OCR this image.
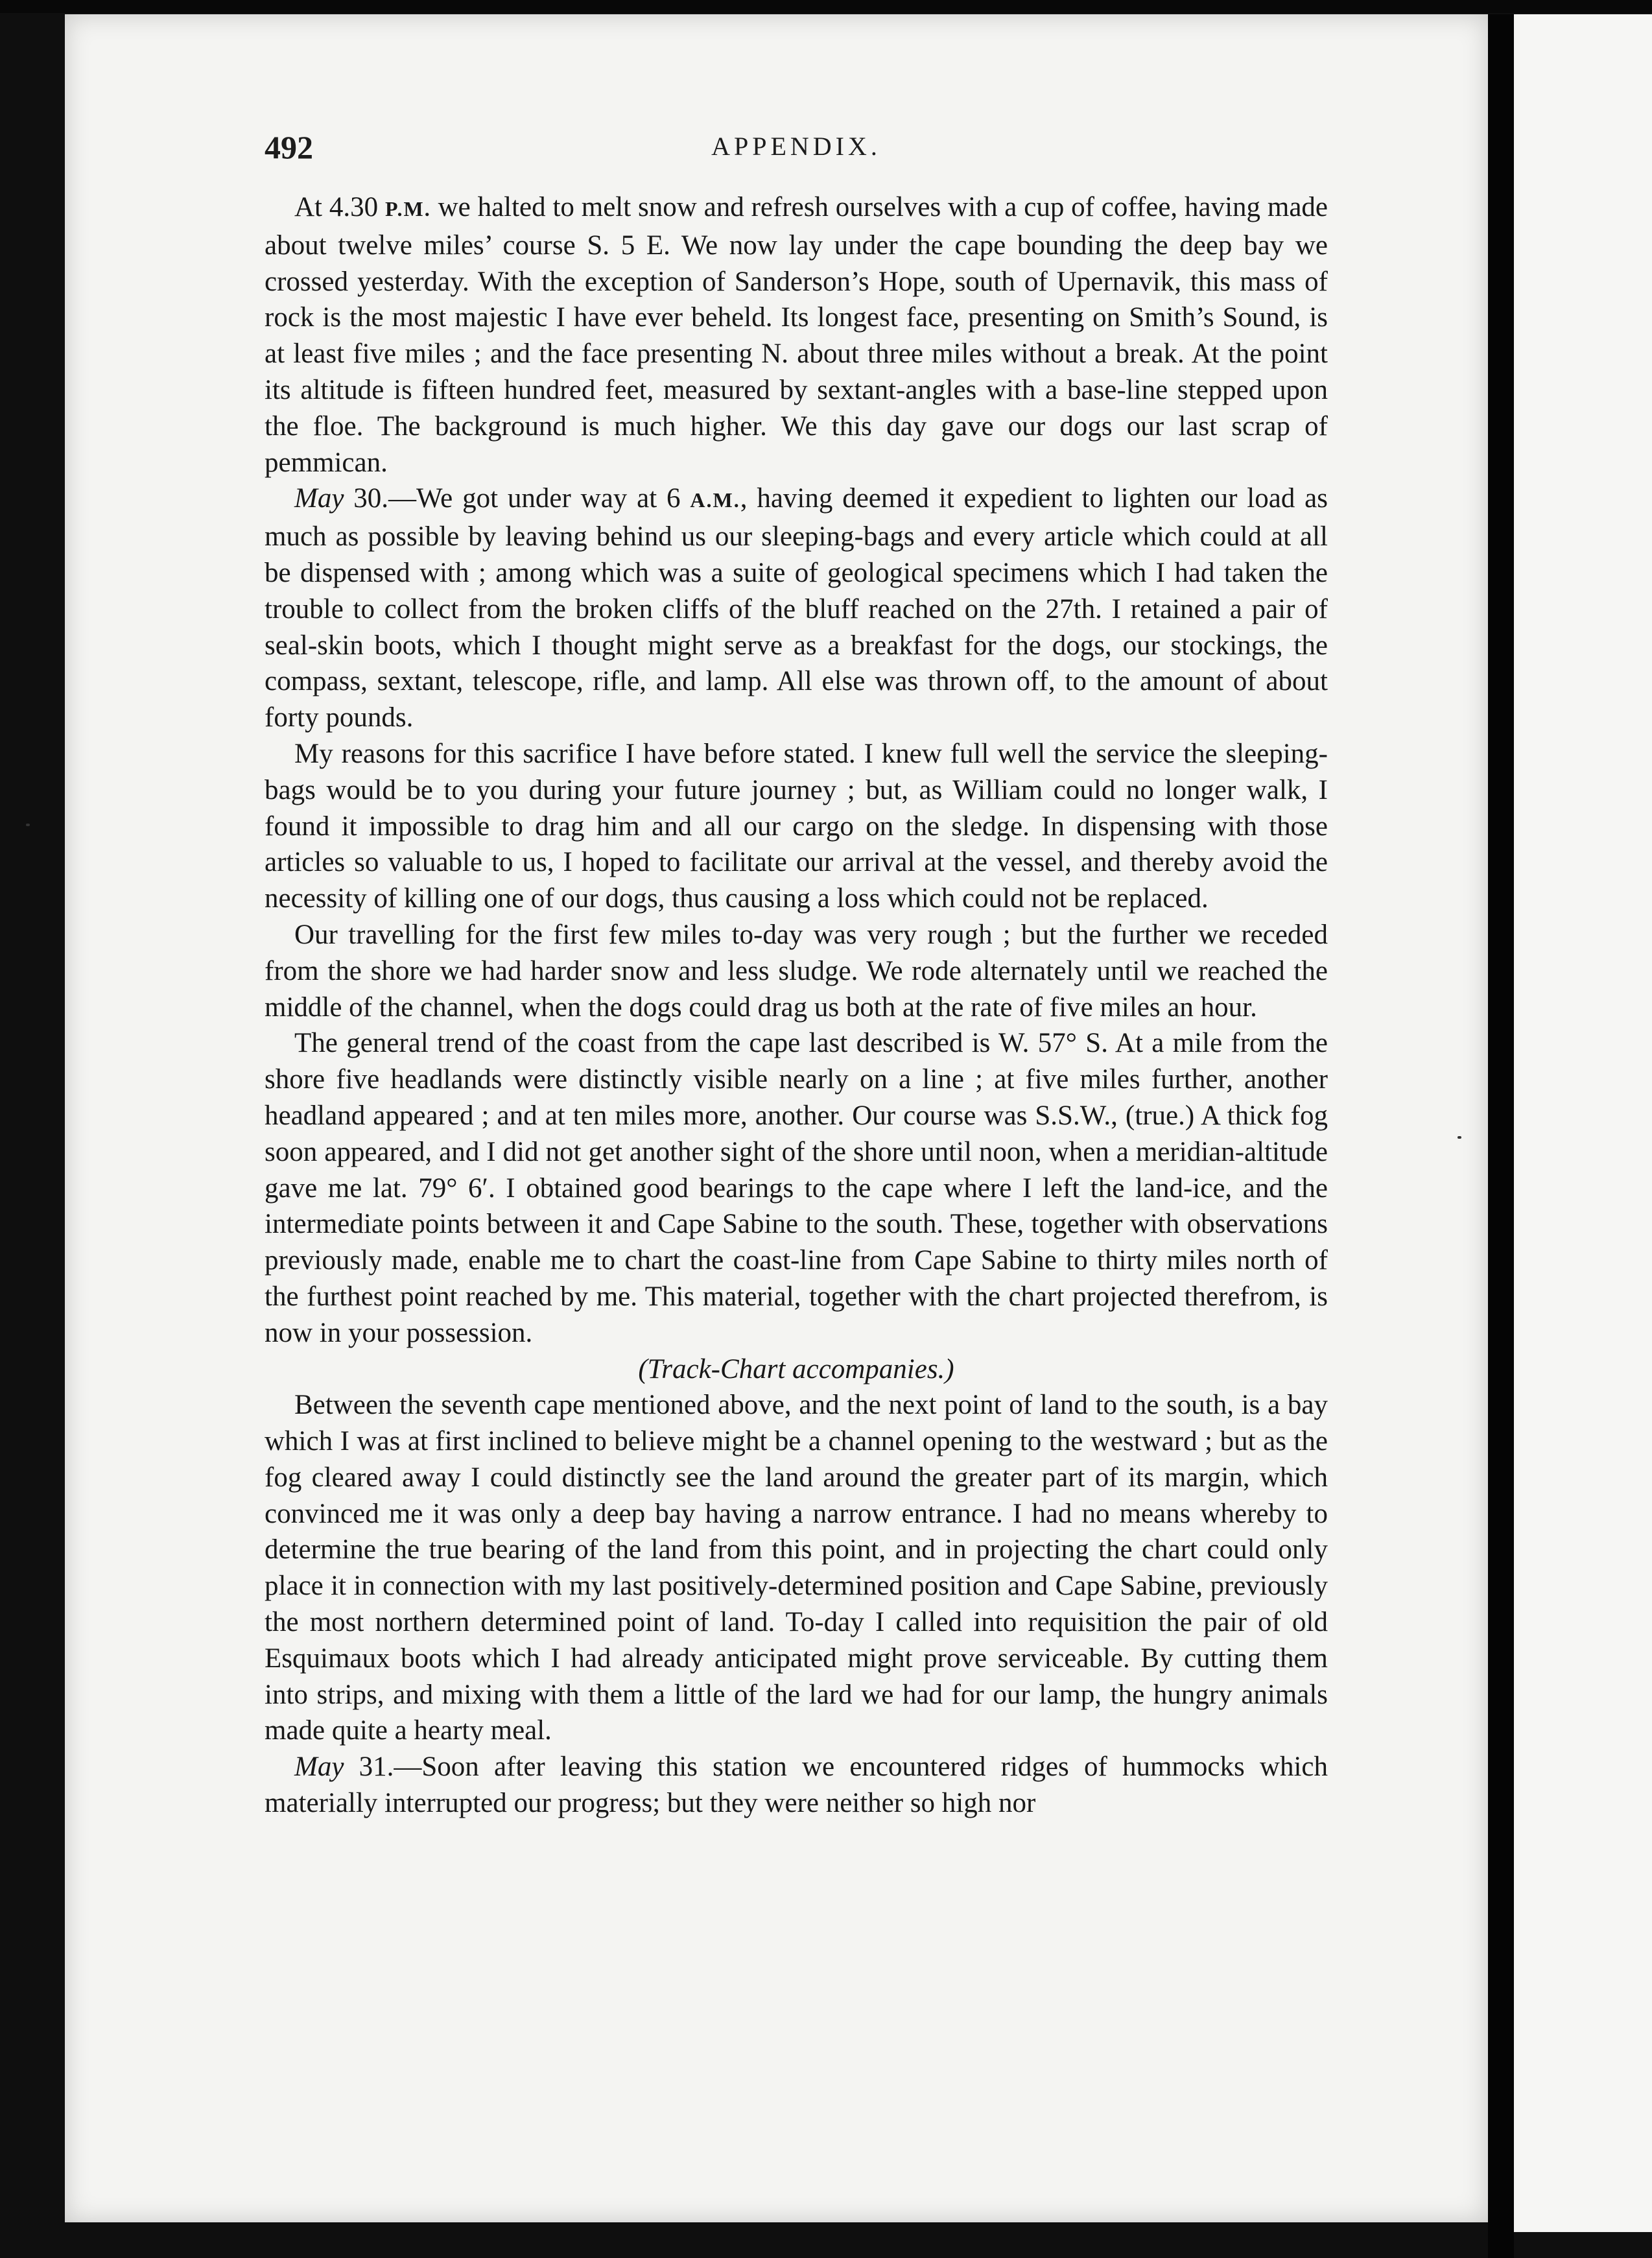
492	APPENDIX.

At 4.30 P.M. we halted to melt snow and refresh ourselves with a cup of coffee, having made about twelve miles’ course S. 5 E. We now lay under the cape bounding the deep bay we crossed yesterday. With the exception of Sanderson’s Hope, south of Upernavik, this mass of rock is the most majestic I have ever beheld. Its longest face, presenting on Smith’s Sound, is at least five miles ; and the face presenting N. about three miles without a break. At the point its altitude is fifteen hundred feet, measured by sextant-angles with a base-line stepped upon the floe. The background is much higher. We this day gave our dogs our last scrap of pemmican.

May 30.—We got under way at 6 A.M., having deemed it expedient to lighten our load as much as possible by leaving behind us our sleeping-bags and every article which could at all be dispensed with ; among which was a suite of geological specimens which I had taken the trouble to collect from the broken cliffs of the bluff reached on the 27th. I retained a pair of seal-skin boots, which I thought might serve as a breakfast for the dogs, our stockings, the compass, sextant, telescope, rifle, and lamp. All else was thrown off, to the amount of about forty pounds.

My reasons for this sacrifice I have before stated. I knew full well the service the sleeping-bags would be to you during your future journey ; but, as William could no longer walk, I found it impossible to drag him and all our cargo on the sledge. In dispensing with those articles so valuable to us, I hoped to facilitate our arrival at the vessel, and thereby avoid the necessity of killing one of our dogs, thus causing a loss which could not be replaced.

Our travelling for the first few miles to-day was very rough ; but the further we receded from the shore we had harder snow and less sludge. We rode alternately until we reached the middle of the channel, when the dogs could drag us both at the rate of five miles an hour.

The general trend of the coast from the cape last described is W. 57° S. At a mile from the shore five headlands were distinctly visible nearly on a line ; at five miles further, another headland appeared ; and at ten miles more, another. Our course was S.S.W., (true.) A thick fog soon appeared, and I did not get another sight of the shore until noon, when a meridian-altitude gave me lat. 79° 6′. I obtained good bearings to the cape where I left the land-ice, and the intermediate points between it and Cape Sabine to the south. These, together with observations previously made, enable me to chart the coast-line from Cape Sabine to thirty miles north of the furthest point reached by me. This material, together with the chart projected therefrom, is now in your possession.

(Track-Chart accompanies.)

Between the seventh cape mentioned above, and the next point of land to the south, is a bay which I was at first inclined to believe might be a channel opening to the westward ; but as the fog cleared away I could distinctly see the land around the greater part of its margin, which convinced me it was only a deep bay having a narrow entrance. I had no means whereby to determine the true bearing of the land from this point, and in projecting the chart could only place it in connection with my last positively-determined position and Cape Sabine, previously the most northern determined point of land. To-day I called into requisition the pair of old Esquimaux boots which I had already anticipated might prove serviceable. By cutting them into strips, and mixing with them a little of the lard we had for our lamp, the hungry animals made quite a hearty meal.

May 31.—Soon after leaving this station we encountered ridges of hummocks which materially interrupted our progress; but they were neither so high nor
